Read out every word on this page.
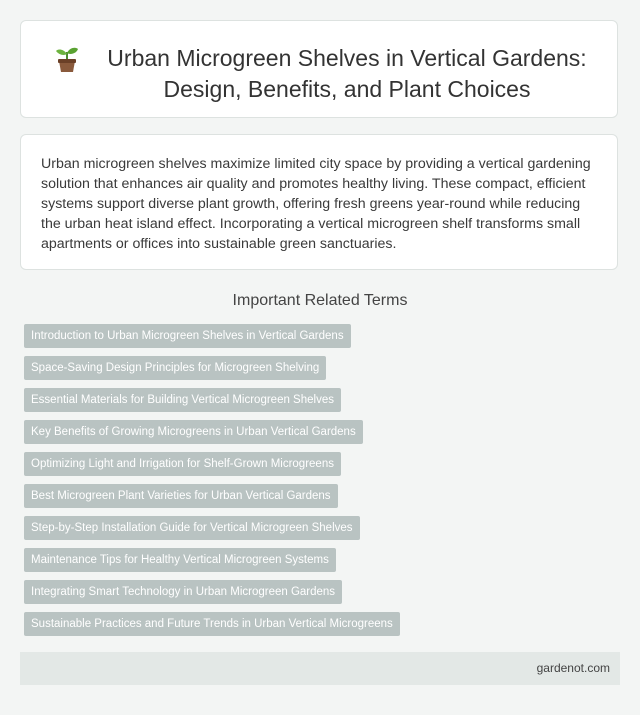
Urban Microgreen Shelves in Vertical Gardens: Design, Benefits, and Plant Choices

Urban microgreen shelves maximize limited city space by providing a vertical gardening solution that enhances air quality and promotes healthy living. These compact, efficient systems support diverse plant growth, offering fresh greens year-round while reducing the urban heat island effect. Incorporating a vertical microgreen shelf transforms small apartments or offices into sustainable green sanctuaries.

Important Related Terms
Introduction to Urban Microgreen Shelves in Vertical Gardens
Space-Saving Design Principles for Microgreen Shelving
Essential Materials for Building Vertical Microgreen Shelves
Key Benefits of Growing Microgreens in Urban Vertical Gardens
Optimizing Light and Irrigation for Shelf-Grown Microgreens
Best Microgreen Plant Varieties for Urban Vertical Gardens
Step-by-Step Installation Guide for Vertical Microgreen Shelves
Maintenance Tips for Healthy Vertical Microgreen Systems
Integrating Smart Technology in Urban Microgreen Gardens
Sustainable Practices and Future Trends in Urban Vertical Microgreens
gardenot.com
